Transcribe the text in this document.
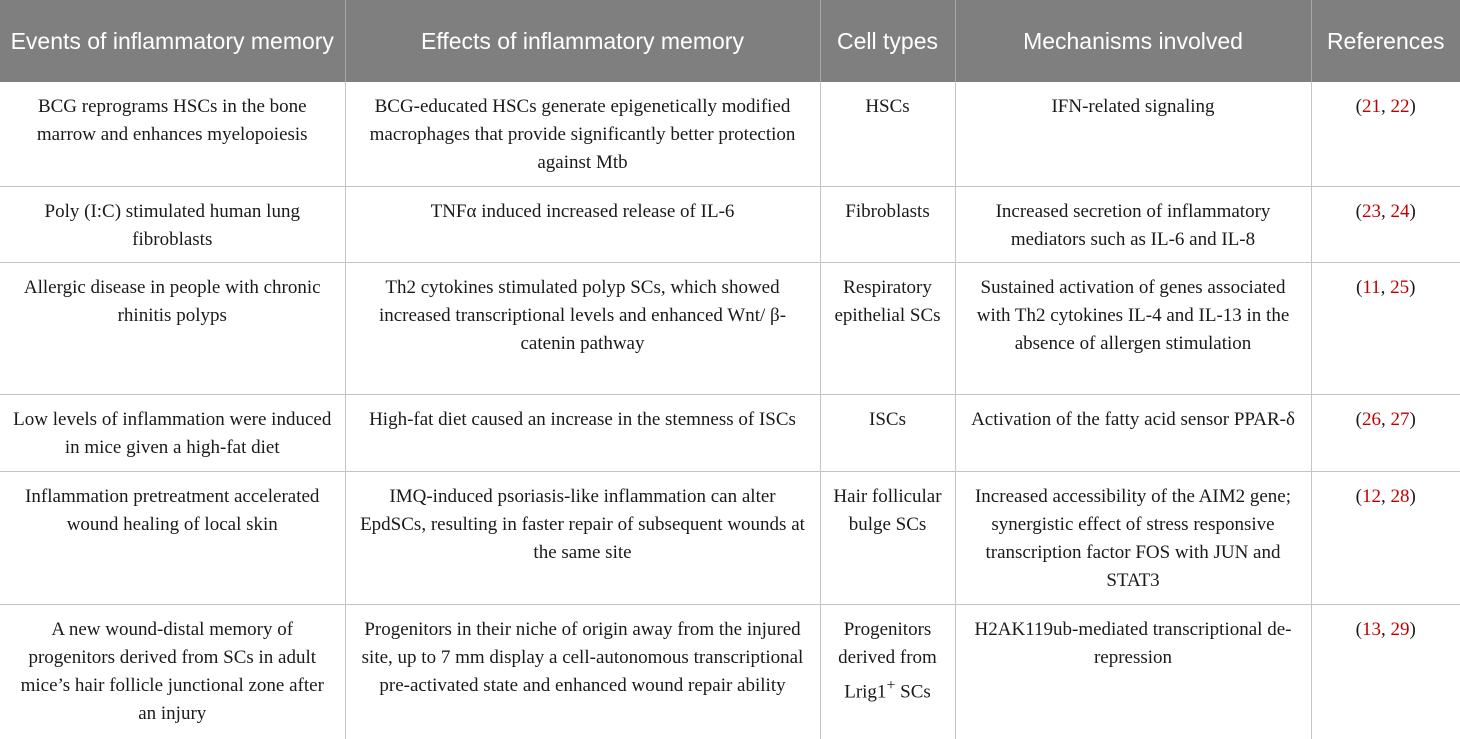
Events of inflammatory memory	Effects of inflammatory memory	Cell types	Mechanisms involved	References
BCG reprograms HSCs in the bone marrow and enhances myelopoiesis	BCG-educated HSCs generate epigenetically modified macrophages that provide significantly better protection against Mtb	HSCs	IFN-related signaling	(21, 22)
Poly (I:C) stimulated human lung fibroblasts	TNFα induced increased release of IL-6	Fibroblasts	Increased secretion of inflammatory mediators such as IL-6 and IL-8	(23, 24)
Allergic disease in people with chronic rhinitis polyps	Th2 cytokines stimulated polyp SCs, which showed increased transcriptional levels and enhanced Wnt/ β-catenin pathway	Respiratory epithelial SCs	Sustained activation of genes associated with Th2 cytokines IL-4 and IL-13 in the absence of allergen stimulation	(11, 25)
Low levels of inflammation were induced in mice given a high-fat diet	High-fat diet caused an increase in the stemness of ISCs	ISCs	Activation of the fatty acid sensor PPAR-δ	(26, 27)
Inflammation pretreatment accelerated wound healing of local skin	IMQ-induced psoriasis-like inflammation can alter EpdSCs, resulting in faster repair of subsequent wounds at the same site	Hair follicular bulge SCs	Increased accessibility of the AIM2 gene; synergistic effect of stress responsive transcription factor FOS with JUN and STAT3	(12, 28)
A new wound-distal memory of progenitors derived from SCs in adult mice’s hair follicle junctional zone after an injury	Progenitors in their niche of origin away from the injured site, up to 7 mm display a cell-autonomous transcriptional pre-activated state and enhanced wound repair ability	Progenitors derived from Lrig1+ SCs	H2AK119ub-mediated transcriptional de-repression	(13, 29)
